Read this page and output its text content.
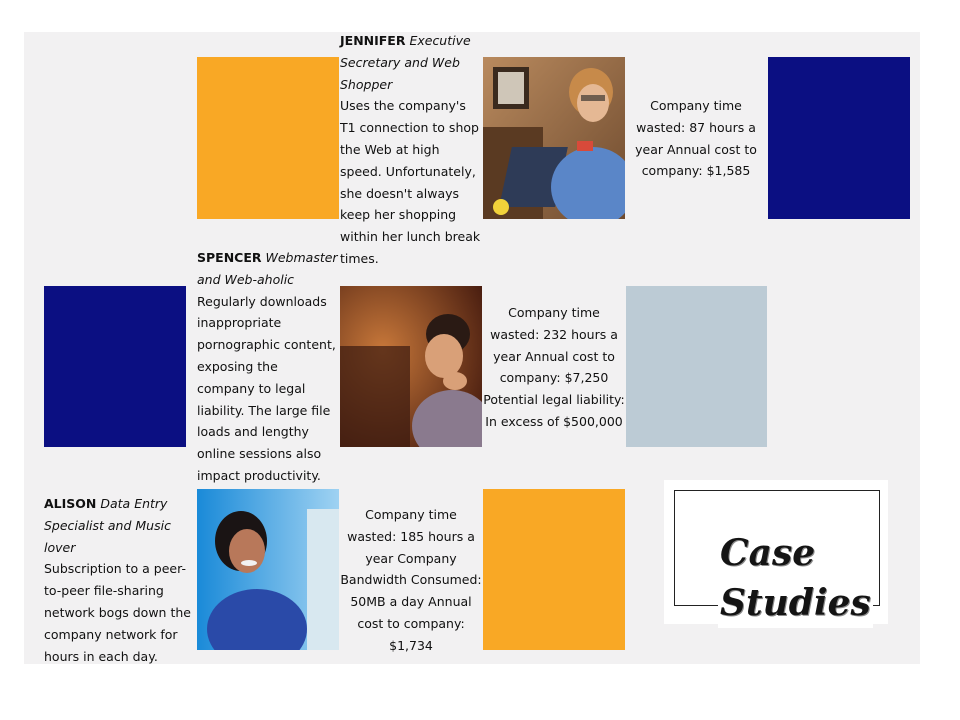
JENNIFER Executive Secretary and Web Shopper
Uses the company's T1 connection to shop the Web at high speed. Unfortunately, she doesn't always keep her shopping within her lunch break times.
Company time wasted: 87 hours a year Annual cost to company: $1,585
SPENCER Webmaster and Web-aholic
Regularly downloads inappropriate pornographic content, exposing the company to legal liability. The large file loads and lengthy online sessions also impact productivity.
Company time wasted: 232 hours a year Annual cost to company: $7,250 Potential legal liability: In excess of $500,000
ALISON Data Entry Specialist and Music lover
Subscription to a peer-to-peer file-sharing network bogs down the company network for hours in each day.
Company time wasted: 185 hours a year Company Bandwidth Consumed: 50MB a day Annual cost to company: $1,734
Case
Studies
